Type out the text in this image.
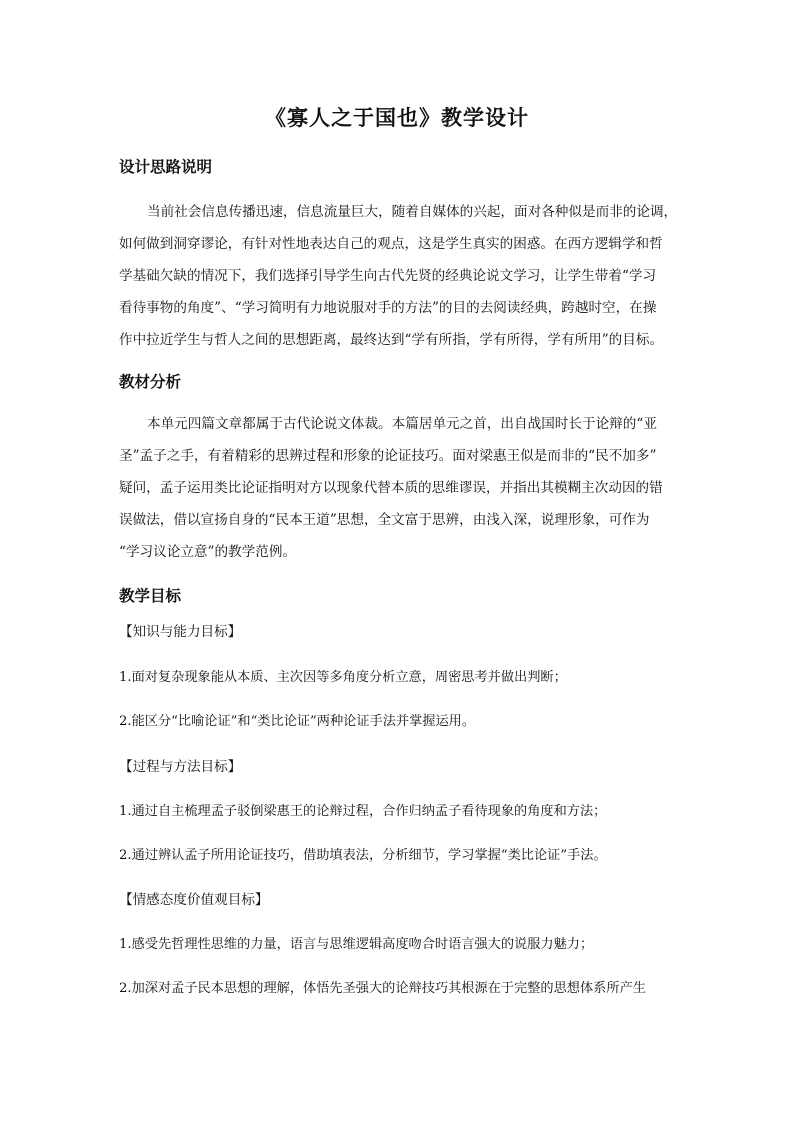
《寡人之于国也》教学设计
设计思路说明
当前社会信息传播迅速，信息流量巨大，随着自媒体的兴起，面对各种似是而非的论调，
如何做到洞穿谬论，有针对性地表达自己的观点，这是学生真实的困惑。在西方逻辑学和哲
学基础欠缺的情况下，我们选择引导学生向古代先贤的经典论说文学习，让学生带着“学习
看待事物的角度”、“学习简明有力地说服对手的方法”的目的去阅读经典，跨越时空，在操
作中拉近学生与哲人之间的思想距离，最终达到“学有所指，学有所得，学有所用”的目标。
教材分析
本单元四篇文章都属于古代论说文体裁。本篇居单元之首，出自战国时长于论辩的“亚
圣”孟子之手，有着精彩的思辨过程和形象的论证技巧。面对梁惠王似是而非的“民不加多”
疑问，孟子运用类比论证指明对方以现象代替本质的思维谬误，并指出其模糊主次动因的错
误做法，借以宣扬自身的“民本王道”思想，全文富于思辨，由浅入深，说理形象，可作为
“学习议论立意”的教学范例。
教学目标
【知识与能力目标】
1.面对复杂现象能从本质、主次因等多角度分析立意，周密思考并做出判断；
2.能区分“比喻论证”和“类比论证”两种论证手法并掌握运用。
【过程与方法目标】
1.通过自主梳理孟子驳倒梁惠王的论辩过程，合作归纳孟子看待现象的角度和方法；
2.通过辨认孟子所用论证技巧，借助填表法，分析细节，学习掌握“类比论证”手法。
【情感态度价值观目标】
1.感受先哲理性思维的力量，语言与思维逻辑高度吻合时语言强大的说服力魅力；
2.加深对孟子民本思想的理解，体悟先圣强大的论辩技巧其根源在于完整的思想体系所产生
